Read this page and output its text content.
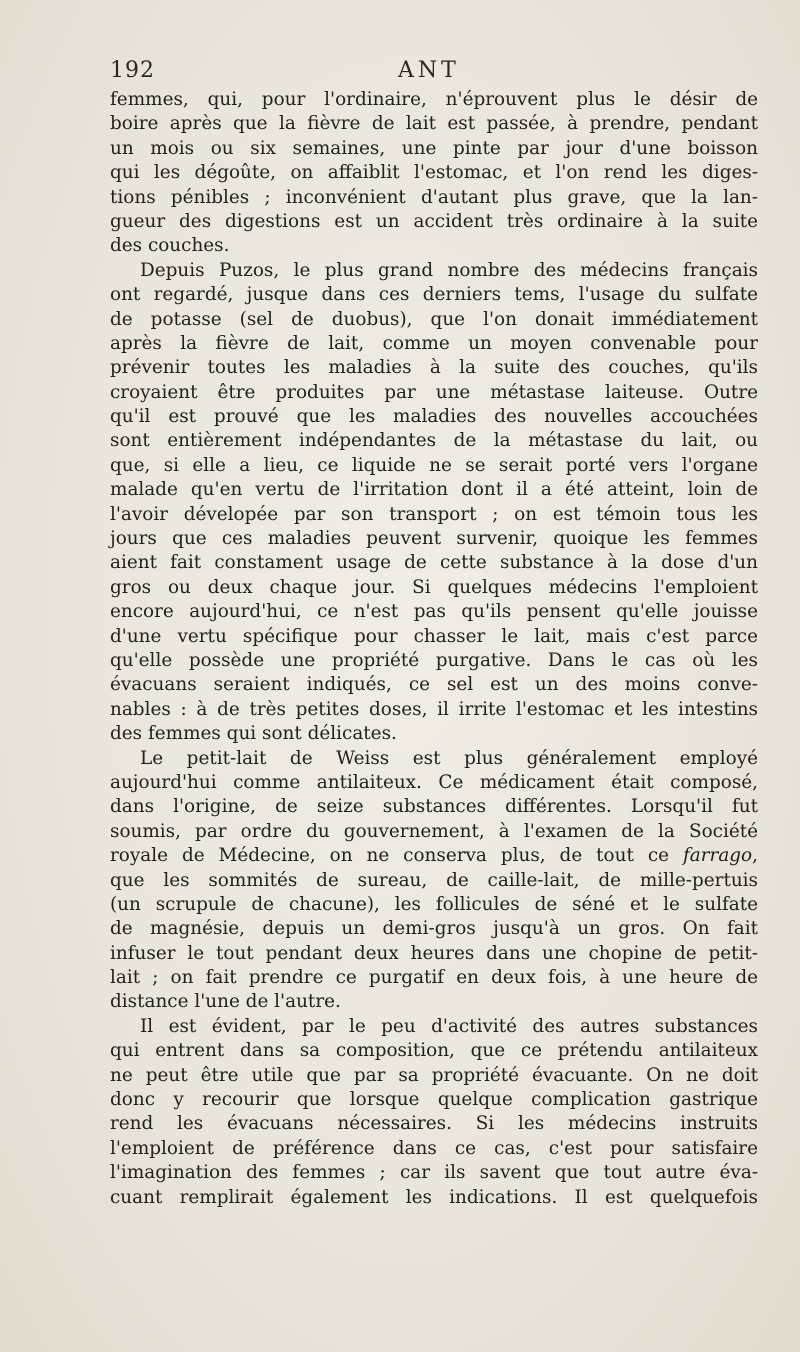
192	ANT
femmes, qui, pour l'ordinaire, n'éprouvent plus le désir de
boire après que la fièvre de lait est passée, à prendre, pendant
un mois ou six semaines, une pinte par jour d'une boisson
qui les dégoûte, on affaiblit l'estomac, et l'on rend les diges-
tions pénibles ; inconvénient d'autant plus grave, que la lan-
gueur des digestions est un accident très ordinaire à la suite
des couches.
Depuis Puzos, le plus grand nombre des médecins français
ont regardé, jusque dans ces derniers tems, l'usage du sulfate
de potasse (sel de duobus), que l'on donait immédiatement
après la fièvre de lait, comme un moyen convenable pour
prévenir toutes les maladies à la suite des couches, qu'ils
croyaient être produites par une métastase laiteuse. Outre
qu'il est prouvé que les maladies des nouvelles accouchées
sont entièrement indépendantes de la métastase du lait, ou
que, si elle a lieu, ce liquide ne se serait porté vers l'organe
malade qu'en vertu de l'irritation dont il a été atteint, loin de
l'avoir dévelopée par son transport ; on est témoin tous les
jours que ces maladies peuvent survenir, quoique les femmes
aient fait constament usage de cette substance à la dose d'un
gros ou deux chaque jour. Si quelques médecins l'emploient
encore aujourd'hui, ce n'est pas qu'ils pensent qu'elle jouisse
d'une vertu spécifique pour chasser le lait, mais c'est parce
qu'elle possède une propriété purgative. Dans le cas où les
évacuans seraient indiqués, ce sel est un des moins conve-
nables : à de très petites doses, il irrite l'estomac et les intestins
des femmes qui sont délicates.
Le petit-lait de Weiss est plus généralement employé
aujourd'hui comme antilaiteux. Ce médicament était composé,
dans l'origine, de seize substances différentes. Lorsqu'il fut
soumis, par ordre du gouvernement, à l'examen de la Société
royale de Médecine, on ne conserva plus, de tout ce farrago,
que les sommités de sureau, de caille-lait, de mille-pertuis
(un scrupule de chacune), les follicules de séné et le sulfate
de magnésie, depuis un demi-gros jusqu'à un gros. On fait
infuser le tout pendant deux heures dans une chopine de petit-
lait ; on fait prendre ce purgatif en deux fois, à une heure de
distance l'une de l'autre.
Il est évident, par le peu d'activité des autres substances
qui entrent dans sa composition, que ce prétendu antilaiteux
ne peut être utile que par sa propriété évacuante. On ne doit
donc y recourir que lorsque quelque complication gastrique
rend les évacuans nécessaires. Si les médecins instruits
l'emploient de préférence dans ce cas, c'est pour satisfaire
l'imagination des femmes ; car ils savent que tout autre éva-
cuant remplirait également les indications. Il est quelquefois
